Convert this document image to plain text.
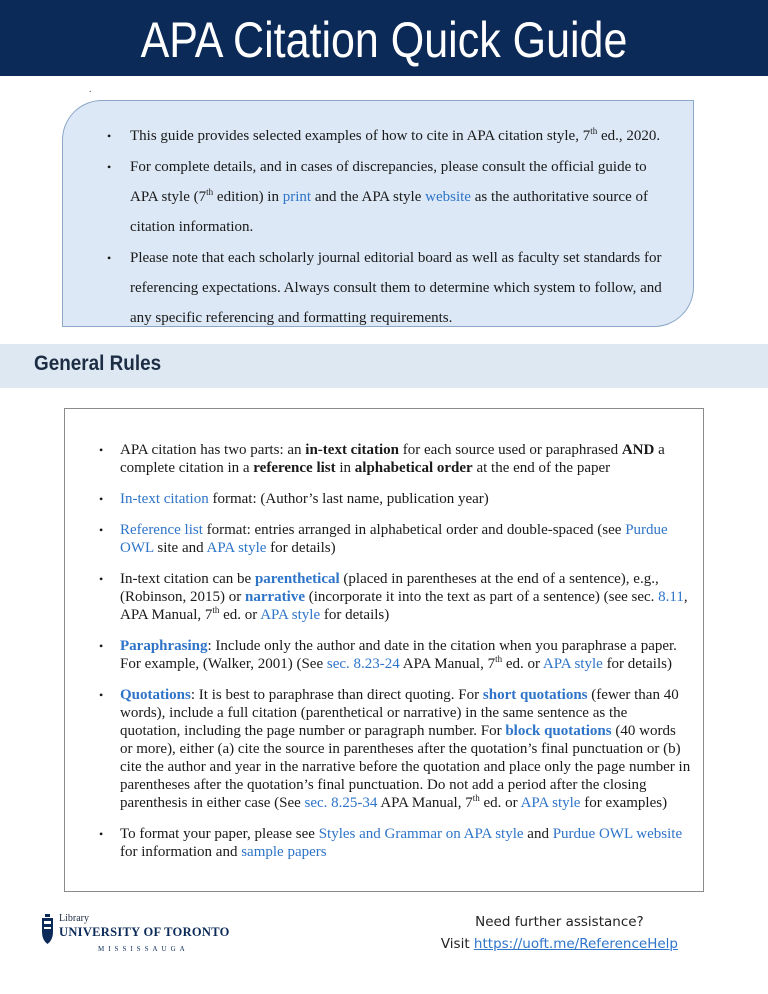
APA Citation Quick Guide
.
• This guide provides selected examples of how to cite in APA citation style, 7th ed., 2020.
• For complete details, and in cases of discrepancies, please consult the official guide to APA style (7th edition) in print and the APA style website as the authoritative source of citation information.
• Please note that each scholarly journal editorial board as well as faculty set standards for referencing expectations. Always consult them to determine which system to follow, and any specific referencing and formatting requirements.
General Rules
• APA citation has two parts: an in-text citation for each source used or paraphrased AND a complete citation in a reference list in alphabetical order at the end of the paper
• In-text citation format: (Author’s last name, publication year)
• Reference list format: entries arranged in alphabetical order and double-spaced (see Purdue OWL site and APA style for details)
• In-text citation can be parenthetical (placed in parentheses at the end of a sentence), e.g., (Robinson, 2015) or narrative (incorporate it into the text as part of a sentence) (see sec. 8.11, APA Manual, 7th ed. or APA style for details)
• Paraphrasing: Include only the author and date in the citation when you paraphrase a paper. For example, (Walker, 2001) (See sec. 8.23-24 APA Manual, 7th ed. or APA style for details)
• Quotations: It is best to paraphrase than direct quoting. For short quotations (fewer than 40 words), include a full citation (parenthetical or narrative) in the same sentence as the quotation, including the page number or paragraph number. For block quotations (40 words or more), either (a) cite the source in parentheses after the quotation’s final punctuation or (b) cite the author and year in the narrative before the quotation and place only the page number in parentheses after the quotation’s final punctuation. Do not add a period after the closing parenthesis in either case (See sec. 8.25-34 APA Manual, 7th ed. or APA style for examples)
• To format your paper, please see Styles and Grammar on APA style and Purdue OWL website for information and sample papers
Library
UNIVERSITY OF TORONTO
MISSISSAUGA
Need further assistance?
Visit https://uoft.me/ReferenceHelp
